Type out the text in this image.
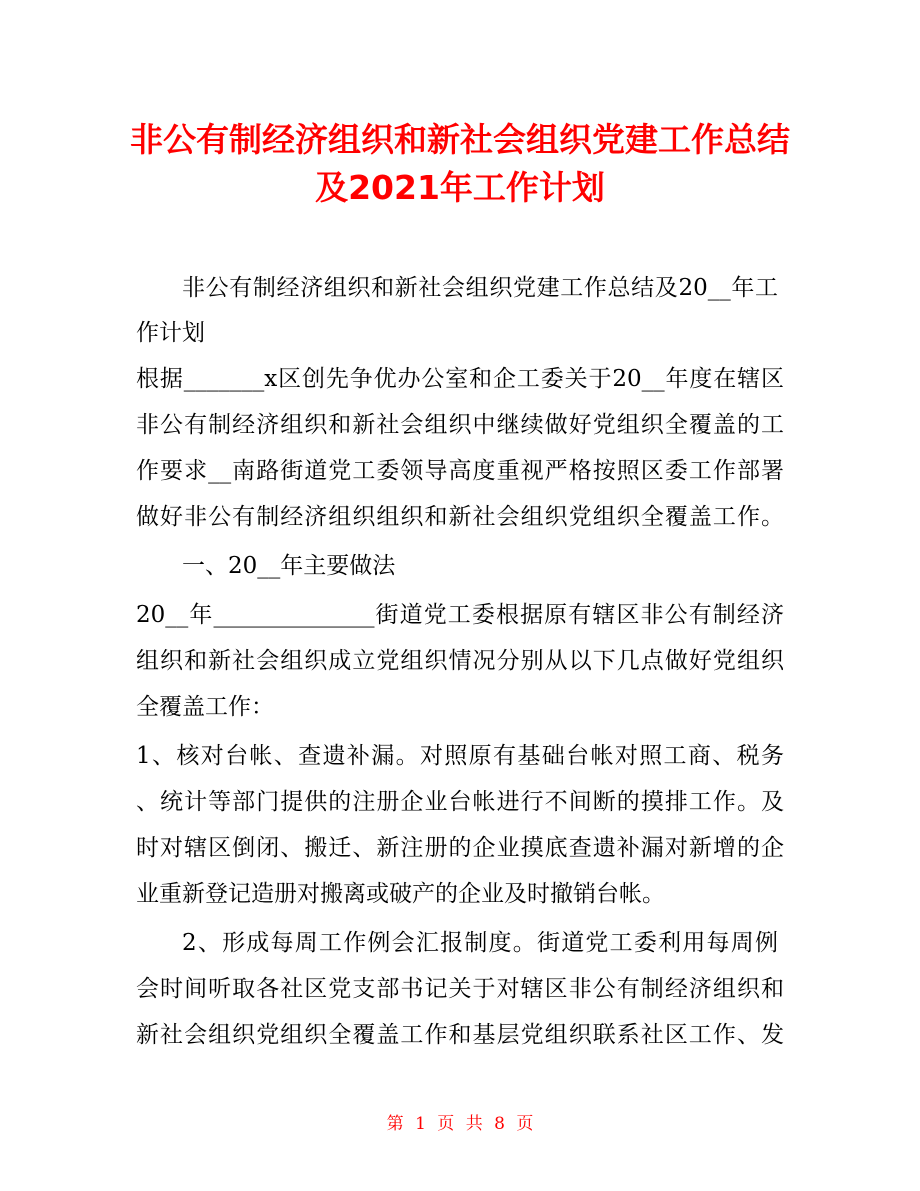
非公有制经济组织和新社会组织党建工作总结
及2021年工作计划

非公有制经济组织和新社会组织党建工作总结及20__年工

作计划

根据_______x区创先争优办公室和企工委关于20__年度在辖区

非公有制经济组织和新社会组织中继续做好党组织全覆盖的工

作要求__南路街道党工委领导高度重视严格按照区委工作部署

做好非公有制经济组织组织和新社会组织党组织全覆盖工作。

一、20__年主要做法

20__年______________街道党工委根据原有辖区非公有制经济

组织和新社会组织成立党组织情况分别从以下几点做好党组织

全覆盖工作：

1、核对台帐、查遗补漏。对照原有基础台帐对照工商、税务

、统计等部门提供的注册企业台帐进行不间断的摸排工作。及

时对辖区倒闭、搬迁、新注册的企业摸底查遗补漏对新增的企

业重新登记造册对搬离或破产的企业及时撤销台帐。

2、形成每周工作例会汇报制度。街道党工委利用每周例

会时间听取各社区党支部书记关于对辖区非公有制经济组织和

新社会组织党组织全覆盖工作和基层党组织联系社区工作、发

第 1 页 共 8 页
